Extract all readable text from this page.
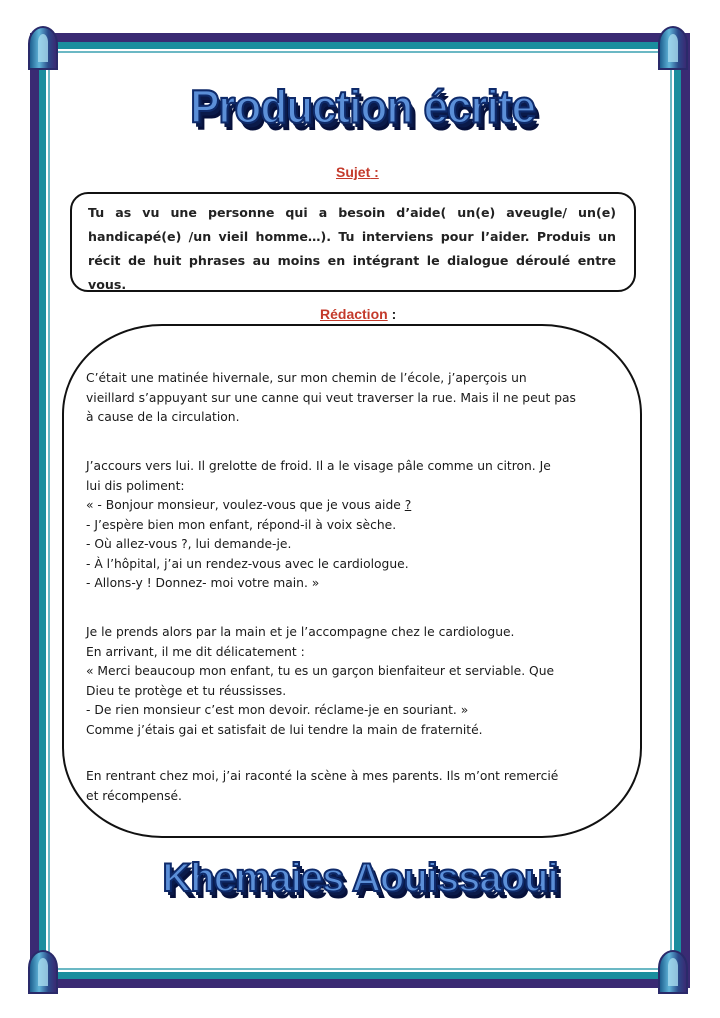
Production écrite
Sujet :
Tu as vu une personne qui a besoin d’aide( un(e) aveugle/ un(e) handicapé(e) /un vieil homme…). Tu interviens pour l’aider. Produis un récit de huit phrases au moins en intégrant le dialogue déroulé entre vous.
Rédaction :
C’était une matinée hivernale, sur mon chemin de l’école, j’aperçois un
vieillard s’appuyant sur une canne qui veut traverser la rue. Mais il ne peut pas
à cause de la circulation.
J’accours vers lui. Il grelotte de froid. Il a le visage pâle comme un citron. Je
lui dis poliment:
« - Bonjour monsieur, voulez-vous que je vous aide ?
- J’espère bien mon enfant, répond-il à voix sèche.
- Où allez-vous ?, lui demande-je.
- À l’hôpital, j’ai un rendez-vous avec le cardiologue.
- Allons-y ! Donnez- moi votre main. »
Je le prends alors par la main et je l’accompagne chez le cardiologue.
En arrivant, il me dit délicatement :
« Merci beaucoup mon enfant, tu es un garçon bienfaiteur et serviable. Que
Dieu te protège et tu réussisses.
- De rien monsieur c’est mon devoir. réclame-je en souriant. »
Comme j’étais gai et satisfait de lui tendre la main de fraternité.
En rentrant chez moi, j’ai raconté la scène à mes parents. Ils m’ont remercié
et récompensé.
Khemaies Aouissaoui
